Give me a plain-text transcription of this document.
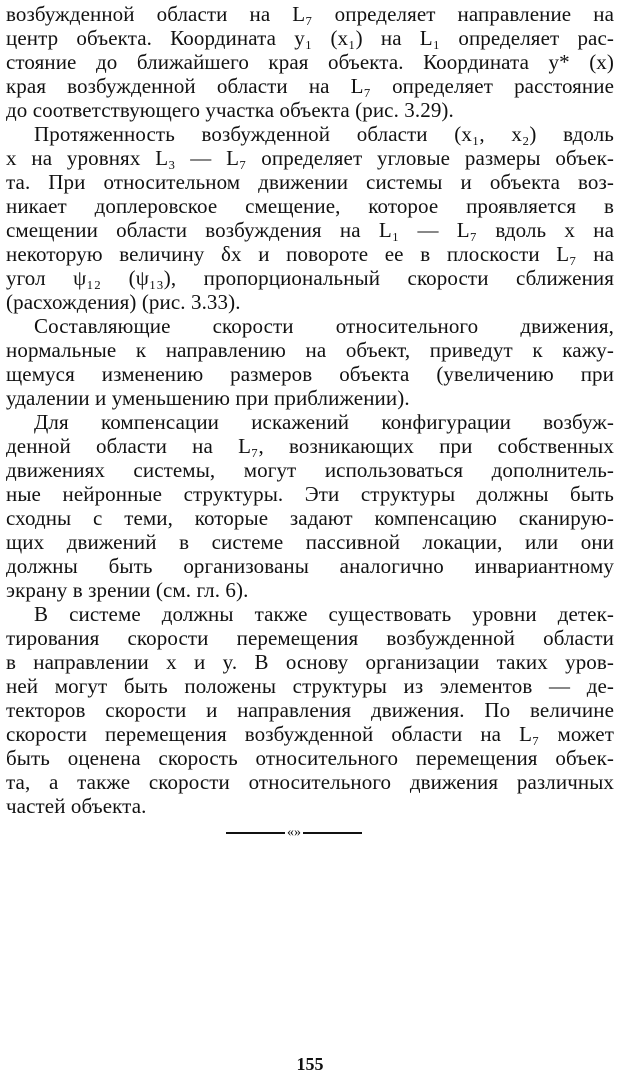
возбужденной области на L₇ определяет направление на
центр объекта. Координата y₁ (x₁) на L₁ определяет рас-
стояние до ближайшего края объекта. Координата y* (x)
края возбужденной области на L₇ определяет расстояние
до соответствующего участка объекта (рис. 3.29).
Протяженность возбужденной области (x₁, x₂) вдоль
x на уровнях L₃ — L₇ определяет угловые размеры объек-
та. При относительном движении системы и объекта воз-
никает доплеровское смещение, которое проявляется в
смещении области возбуждения на L₁ — L₇ вдоль x на
некоторую величину δx и повороте ее в плоскости L₇ на
угол ψ₁₂ (ψ₁₃), пропорциональный скорости сближения
(расхождения) (рис. 3.33).
Составляющие скорости относительного движения,
нормальные к направлению на объект, приведут к кажу-
щемуся изменению размеров объекта (увеличению при
удалении и уменьшению при приближении).
Для компенсации искажений конфигурации возбуж-
денной области на L₇, возникающих при собственных
движениях системы, могут использоваться дополнитель-
ные нейронные структуры. Эти структуры должны быть
сходны с теми, которые задают компенсацию сканирую-
щих движений в системе пассивной локации, или они
должны быть организованы аналогично инвариантному
экрану в зрении (см. гл. 6).
В системе должны также существовать уровни детек-
тирования скорости перемещения возбужденной области
в направлении x и y. В основу организации таких уров-
ней могут быть положены структуры из элементов — де-
текторов скорости и направления движения. По величине
скорости перемещения возбужденной области на L₇ может
быть оценена скорость относительного перемещения объек-
та, а также скорости относительного движения различных
частей объекта.
«»
155
